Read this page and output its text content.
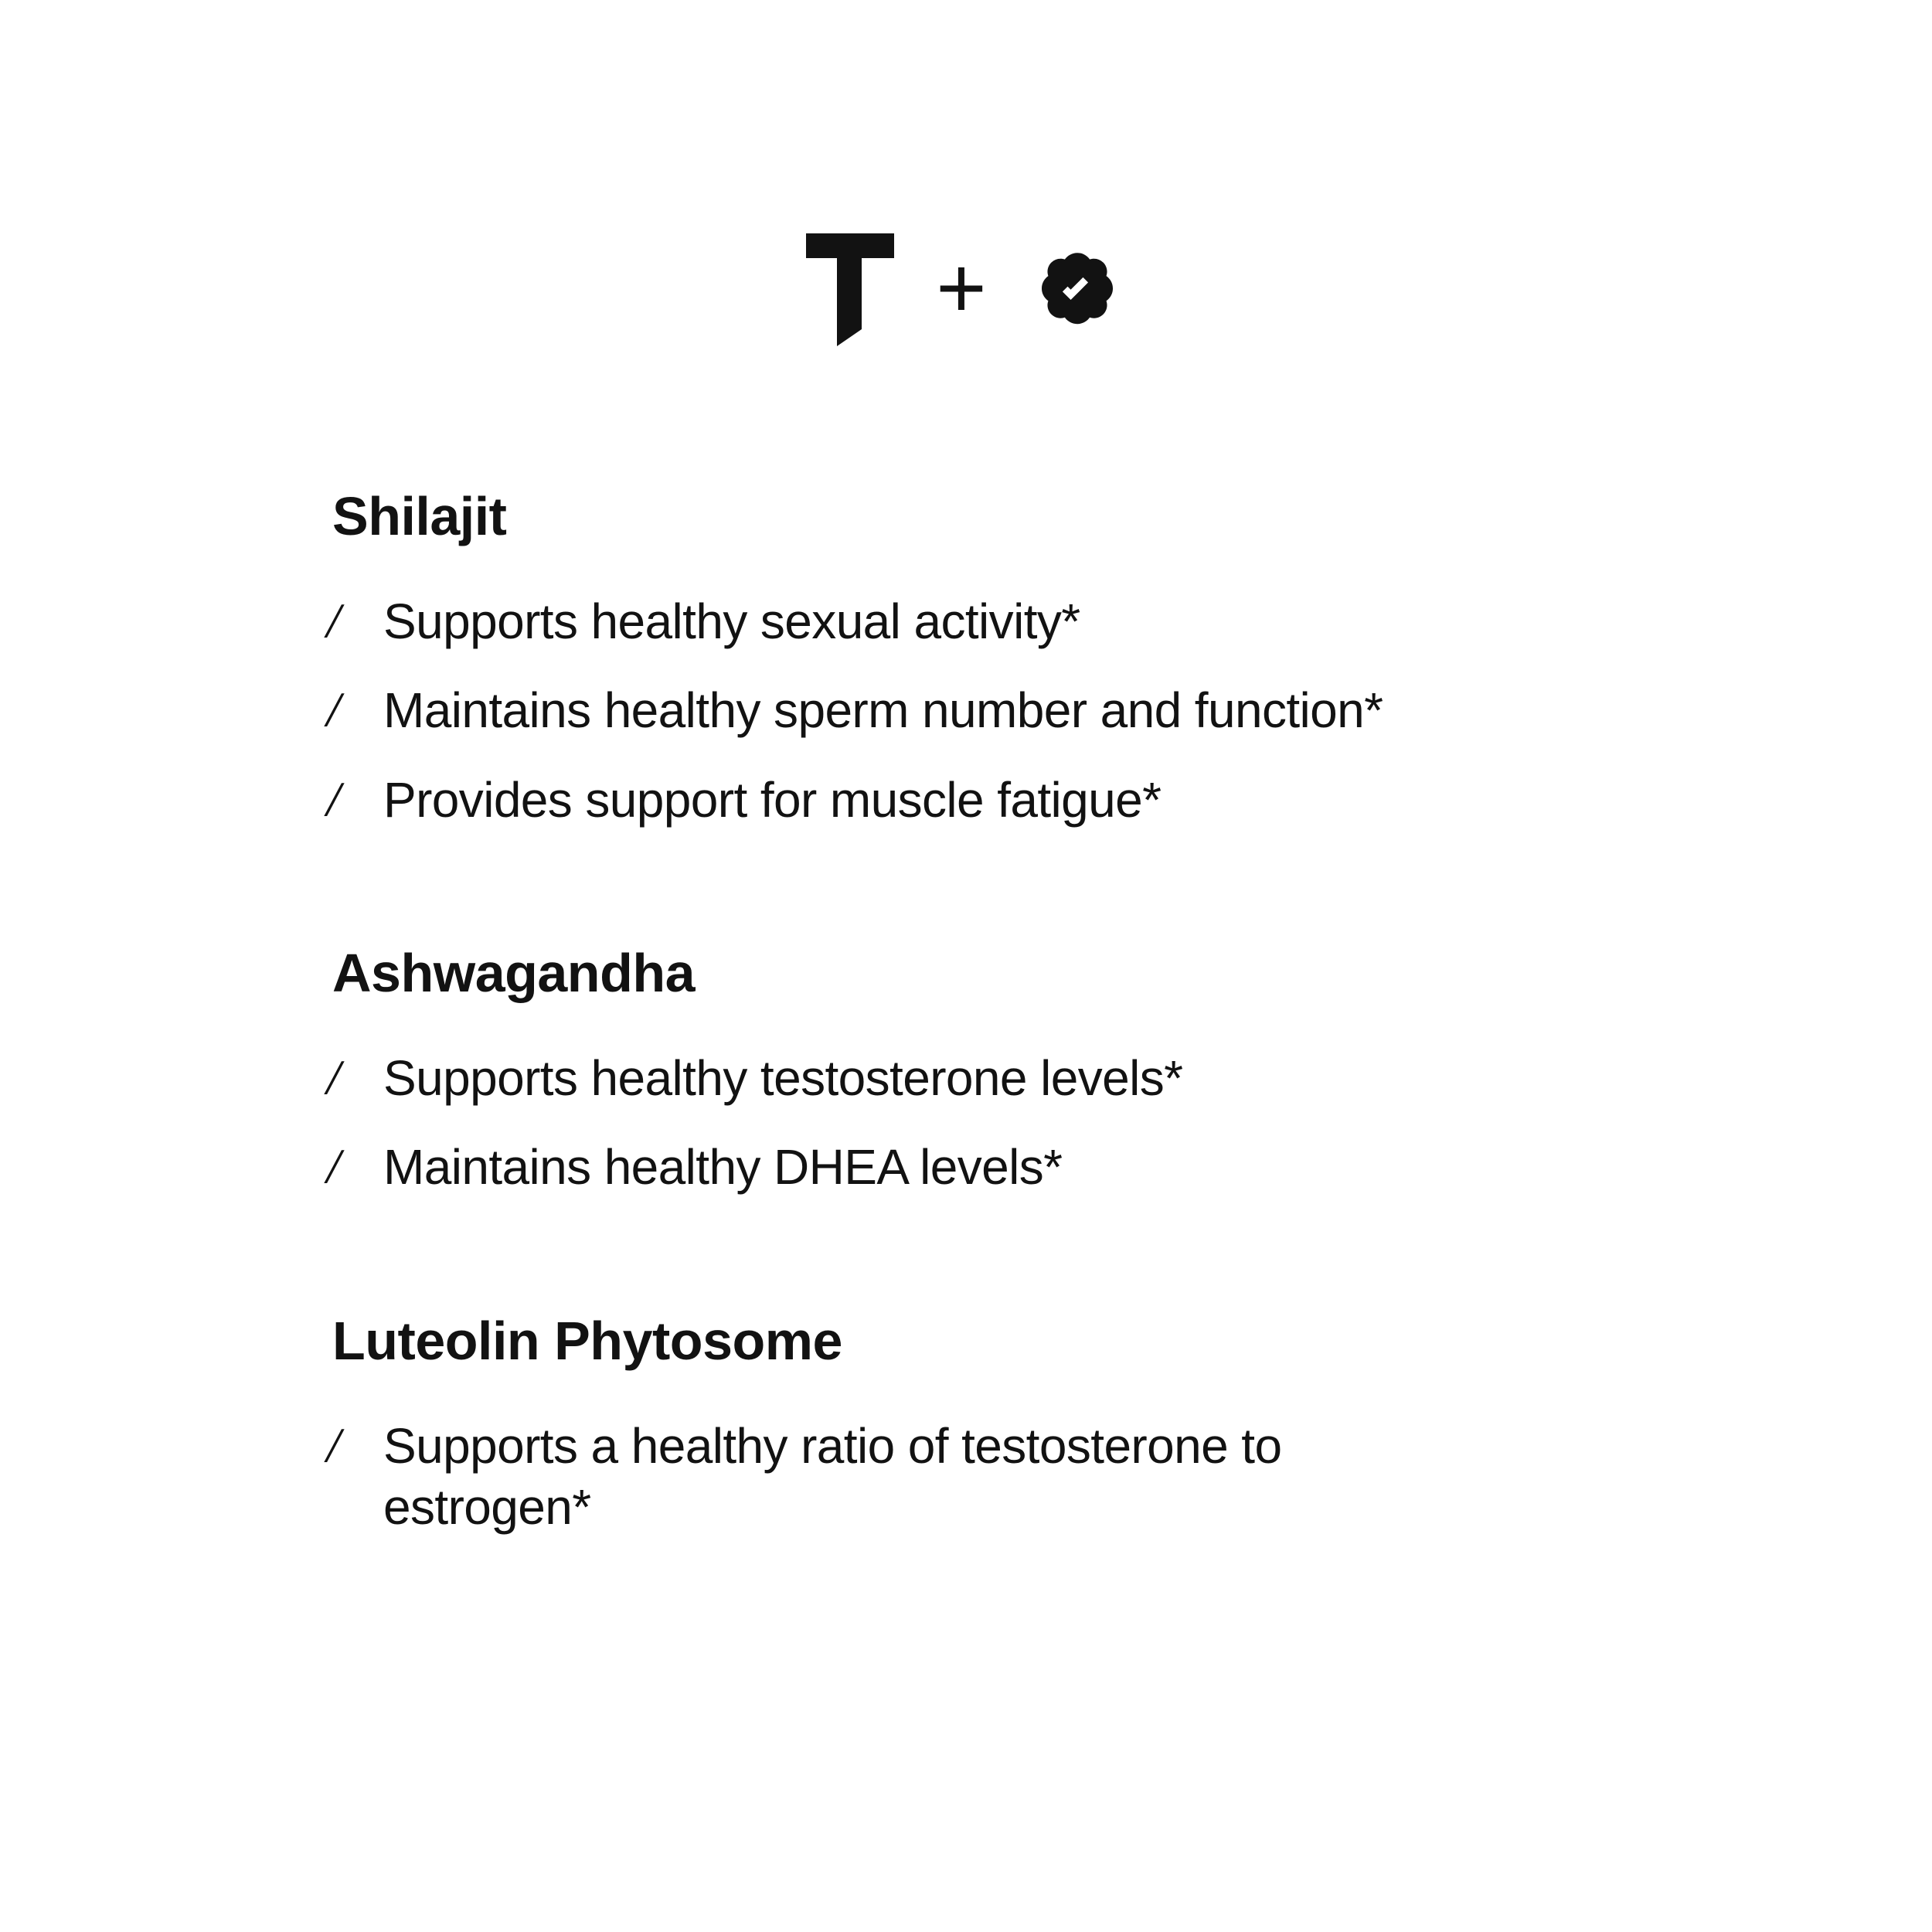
+
Shilajit
⁄ Supports healthy sexual activity*
⁄ Maintains healthy sperm number and function*
⁄ Provides support for muscle fatigue*
Ashwagandha
⁄ Supports healthy testosterone levels*
⁄ Maintains healthy DHEA levels*
Luteolin Phytosome
⁄ Supports a healthy ratio of testosterone to estrogen*
